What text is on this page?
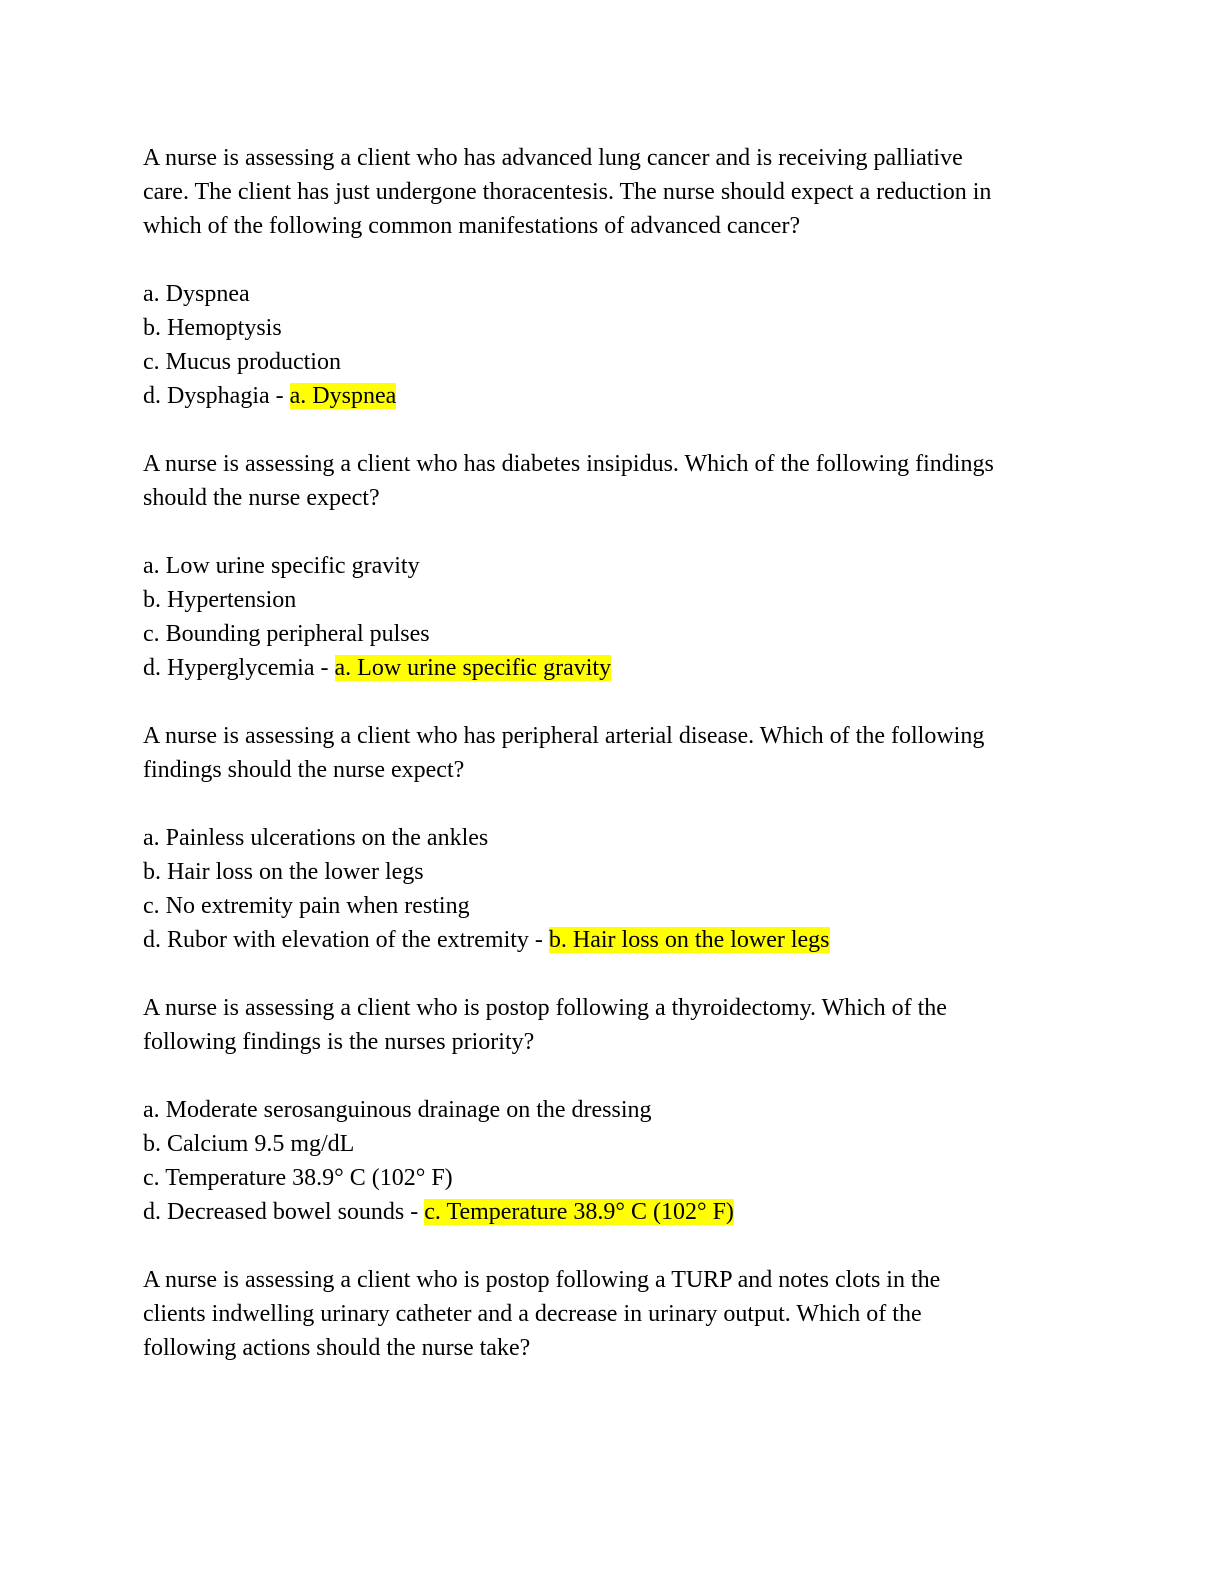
A nurse is assessing a client who has advanced lung cancer and is receiving palliative

care. The client has just undergone thoracentesis. The nurse should expect a reduction in

which of the following common manifestations of advanced cancer?

a. Dyspnea

b. Hemoptysis

c. Mucus production

d. Dysphagia - a. Dyspnea

A nurse is assessing a client who has diabetes insipidus. Which of the following findings

should the nurse expect?

a. Low urine specific gravity

b. Hypertension

c. Bounding peripheral pulses

d. Hyperglycemia - a. Low urine specific gravity

A nurse is assessing a client who has peripheral arterial disease. Which of the following

findings should the nurse expect?

a. Painless ulcerations on the ankles

b. Hair loss on the lower legs

c. No extremity pain when resting

d. Rubor with elevation of the extremity - b. Hair loss on the lower legs

A nurse is assessing a client who is postop following a thyroidectomy. Which of the

following findings is the nurses priority?

a. Moderate serosanguinous drainage on the dressing

b. Calcium 9.5 mg/dL

c. Temperature 38.9° C (102° F)

d. Decreased bowel sounds - c. Temperature 38.9° C (102° F)

A nurse is assessing a client who is postop following a TURP and notes clots in the

clients indwelling urinary catheter and a decrease in urinary output. Which of the

following actions should the nurse take?
